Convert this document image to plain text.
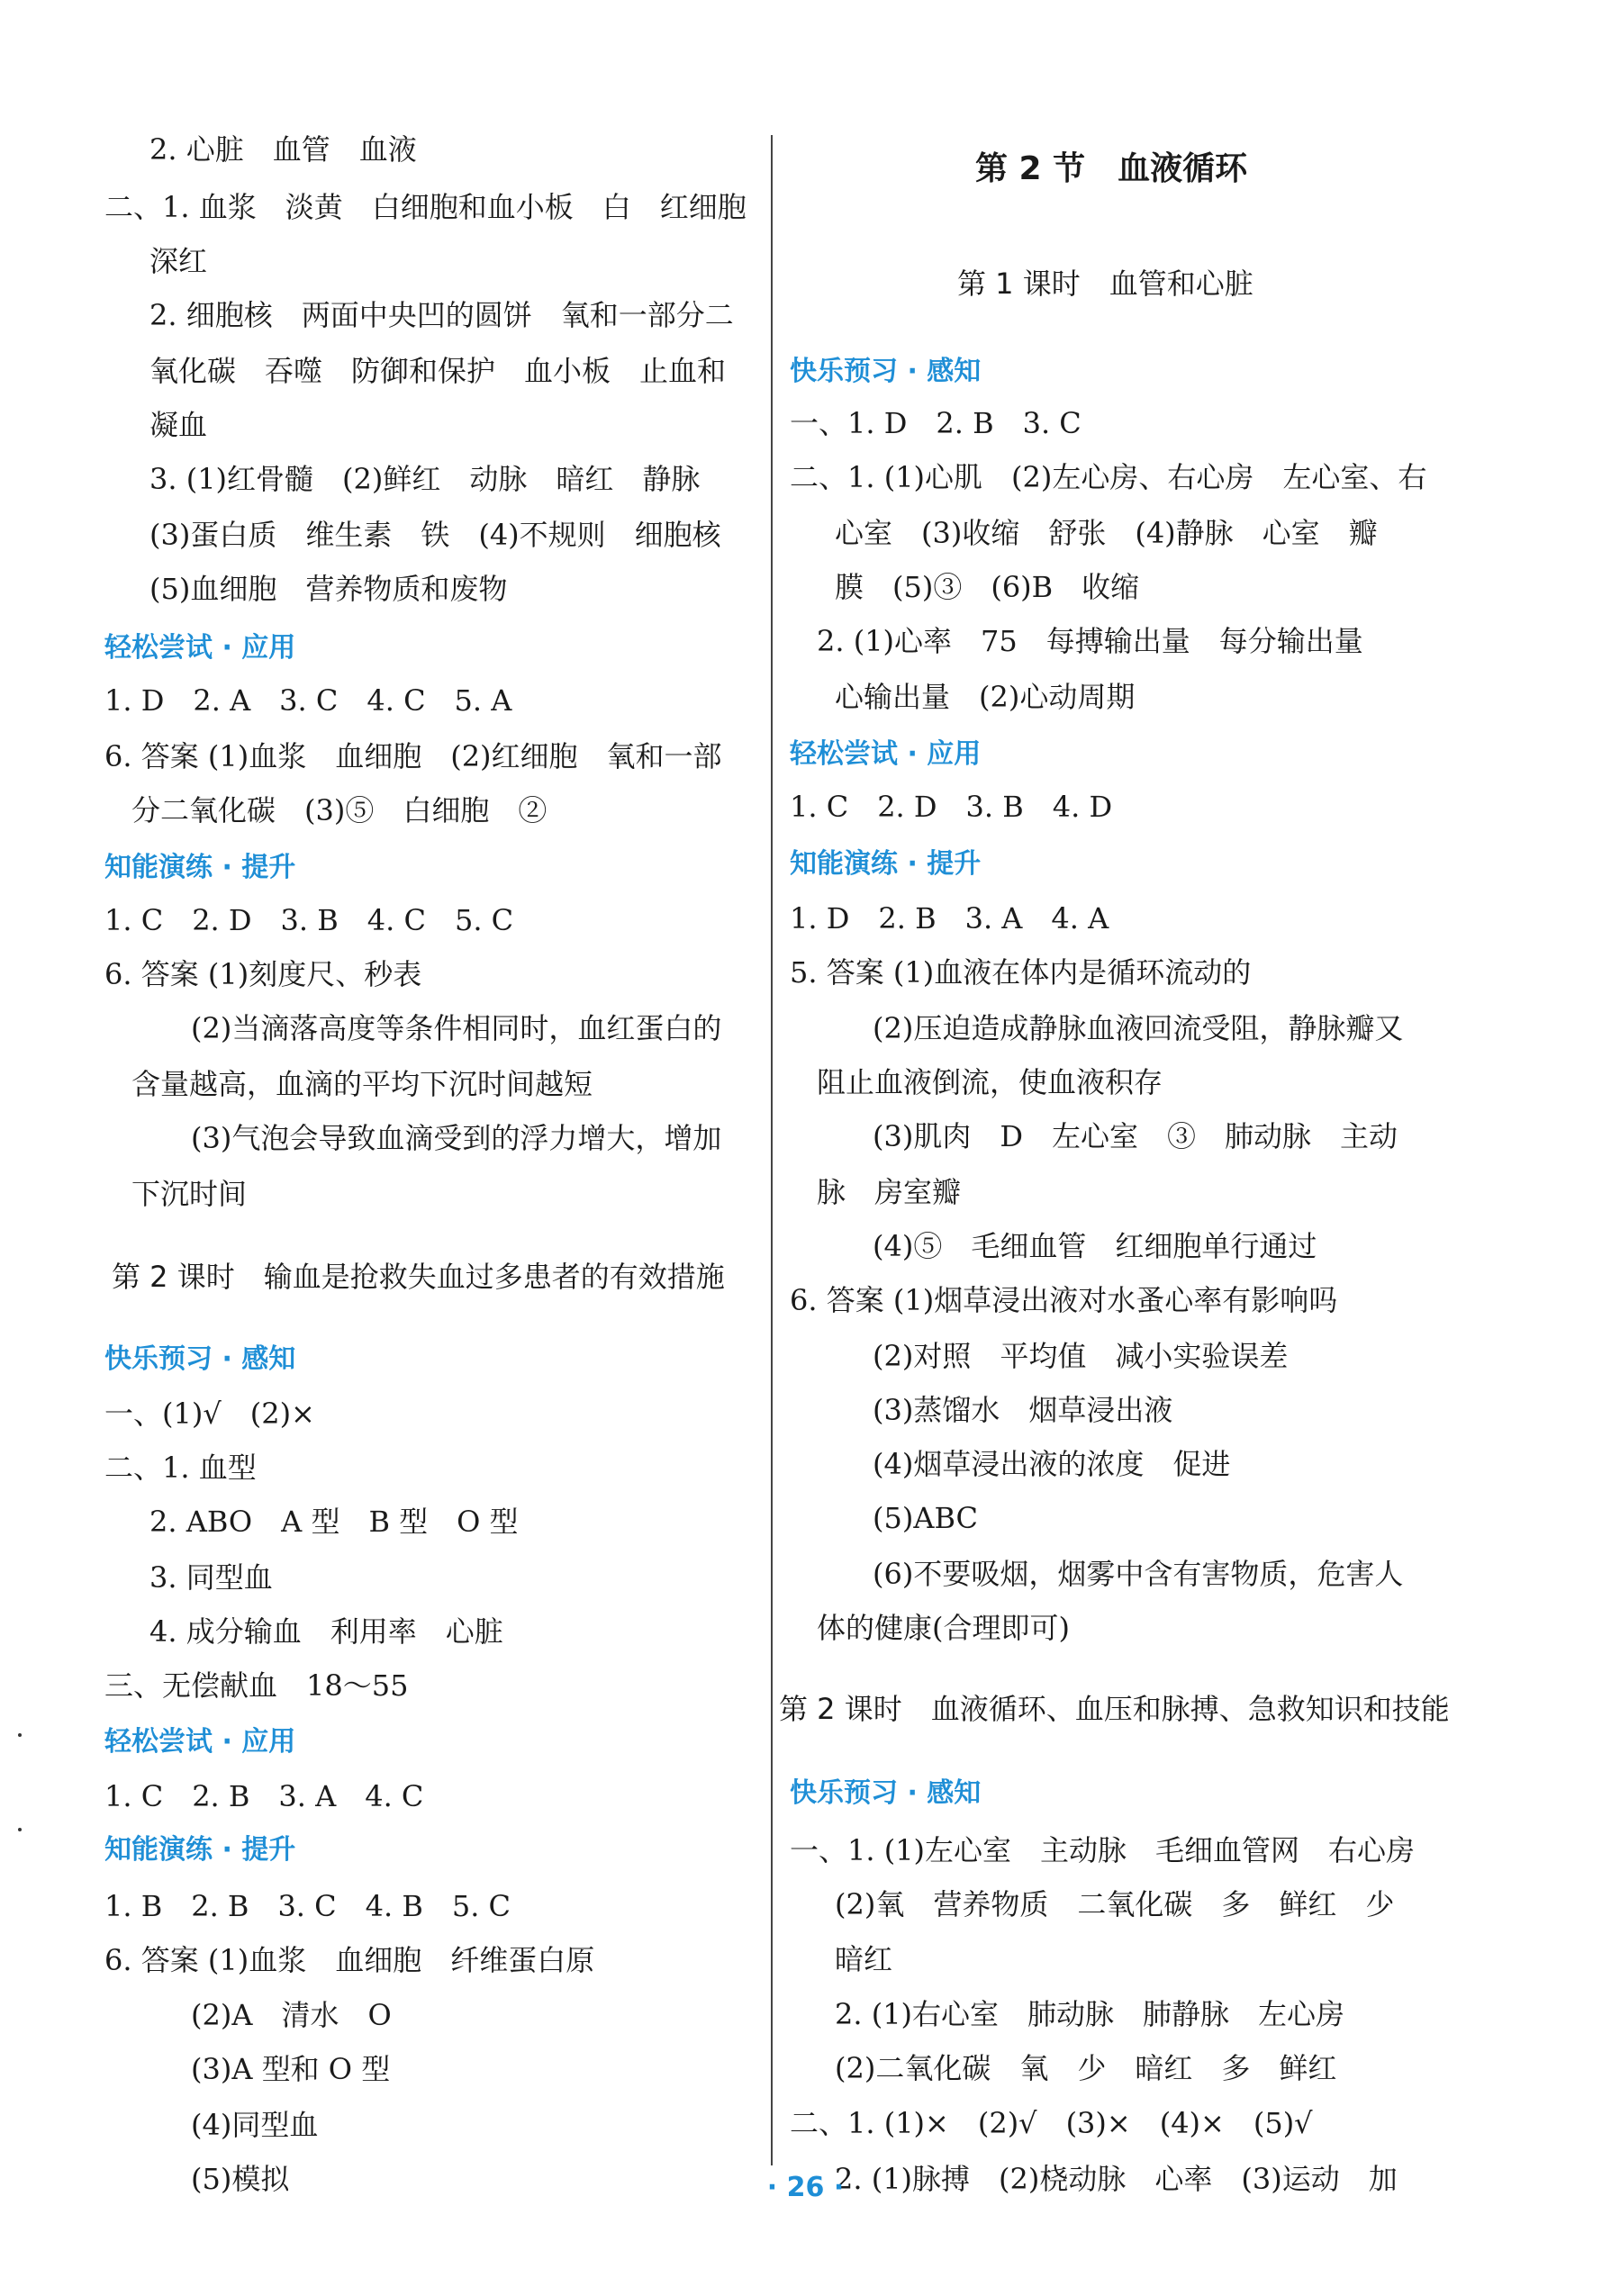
2. 心脏　血管　血液
二、1. 血浆　淡黄　白细胞和血小板　白　红细胞
深红
2. 细胞核　两面中央凹的圆饼　氧和一部分二
氧化碳　吞噬　防御和保护　血小板　止血和
凝血
3. (1)红骨髓　(2)鲜红　动脉　暗红　静脉
(3)蛋白质　维生素　铁　(4)不规则　细胞核
(5)血细胞　营养物质和废物
轻松尝试 · 应用
1. D　2. A　3. C　4. C　5. A
6. 答案 (1)血浆　血细胞　(2)红细胞　氧和一部
分二氧化碳　(3)⑤　白细胞　②
知能演练 · 提升
1. C　2. D　3. B　4. C　5. C
6. 答案 (1)刻度尺、秒表
(2)当滴落高度等条件相同时，血红蛋白的
含量越高，血滴的平均下沉时间越短
(3)气泡会导致血滴受到的浮力增大，增加
下沉时间
第 2 课时　输血是抢救失血过多患者的有效措施
快乐预习 · 感知
一、(1)√　(2)×
二、1. 血型
2. ABO　A 型　B 型　O 型
3. 同型血
4. 成分输血　利用率　心脏
三、无偿献血　18～55
轻松尝试 · 应用
1. C　2. B　3. A　4. C
知能演练 · 提升
1. B　2. B　3. C　4. B　5. C
6. 答案 (1)血浆　血细胞　纤维蛋白原
(2)A　清水　O
(3)A 型和 O 型
(4)同型血
(5)模拟
第 2 节　血液循环
第 1 课时　血管和心脏
快乐预习 · 感知
一、1. D　2. B　3. C
二、1. (1)心肌　(2)左心房、右心房　左心室、右
心室　(3)收缩　舒张　(4)静脉　心室　瓣
膜　(5)③　(6)B　收缩
2. (1)心率　75　每搏输出量　每分输出量
心输出量　(2)心动周期
轻松尝试 · 应用
1. C　2. D　3. B　4. D
知能演练 · 提升
1. D　2. B　3. A　4. A
5. 答案 (1)血液在体内是循环流动的
(2)压迫造成静脉血液回流受阻，静脉瓣又
阻止血液倒流，使血液积存
(3)肌肉　D　左心室　③　肺动脉　主动
脉　房室瓣
(4)⑤　毛细血管　红细胞单行通过
6. 答案 (1)烟草浸出液对水蚤心率有影响吗
(2)对照　平均值　减小实验误差
(3)蒸馏水　烟草浸出液
(4)烟草浸出液的浓度　促进
(5)ABC
(6)不要吸烟，烟雾中含有害物质，危害人
体的健康(合理即可)
第 2 课时　血液循环、血压和脉搏、急救知识和技能
快乐预习 · 感知
一、1. (1)左心室　主动脉　毛细血管网　右心房
(2)氧　营养物质　二氧化碳　多　鲜红　少
暗红
2. (1)右心室　肺动脉　肺静脉　左心房
(2)二氧化碳　氧　少　暗红　多　鲜红
二、1. (1)×　(2)√　(3)×　(4)×　(5)√
2. (1)脉搏　(2)桡动脉　心率　(3)运动　加
· 26 ·
